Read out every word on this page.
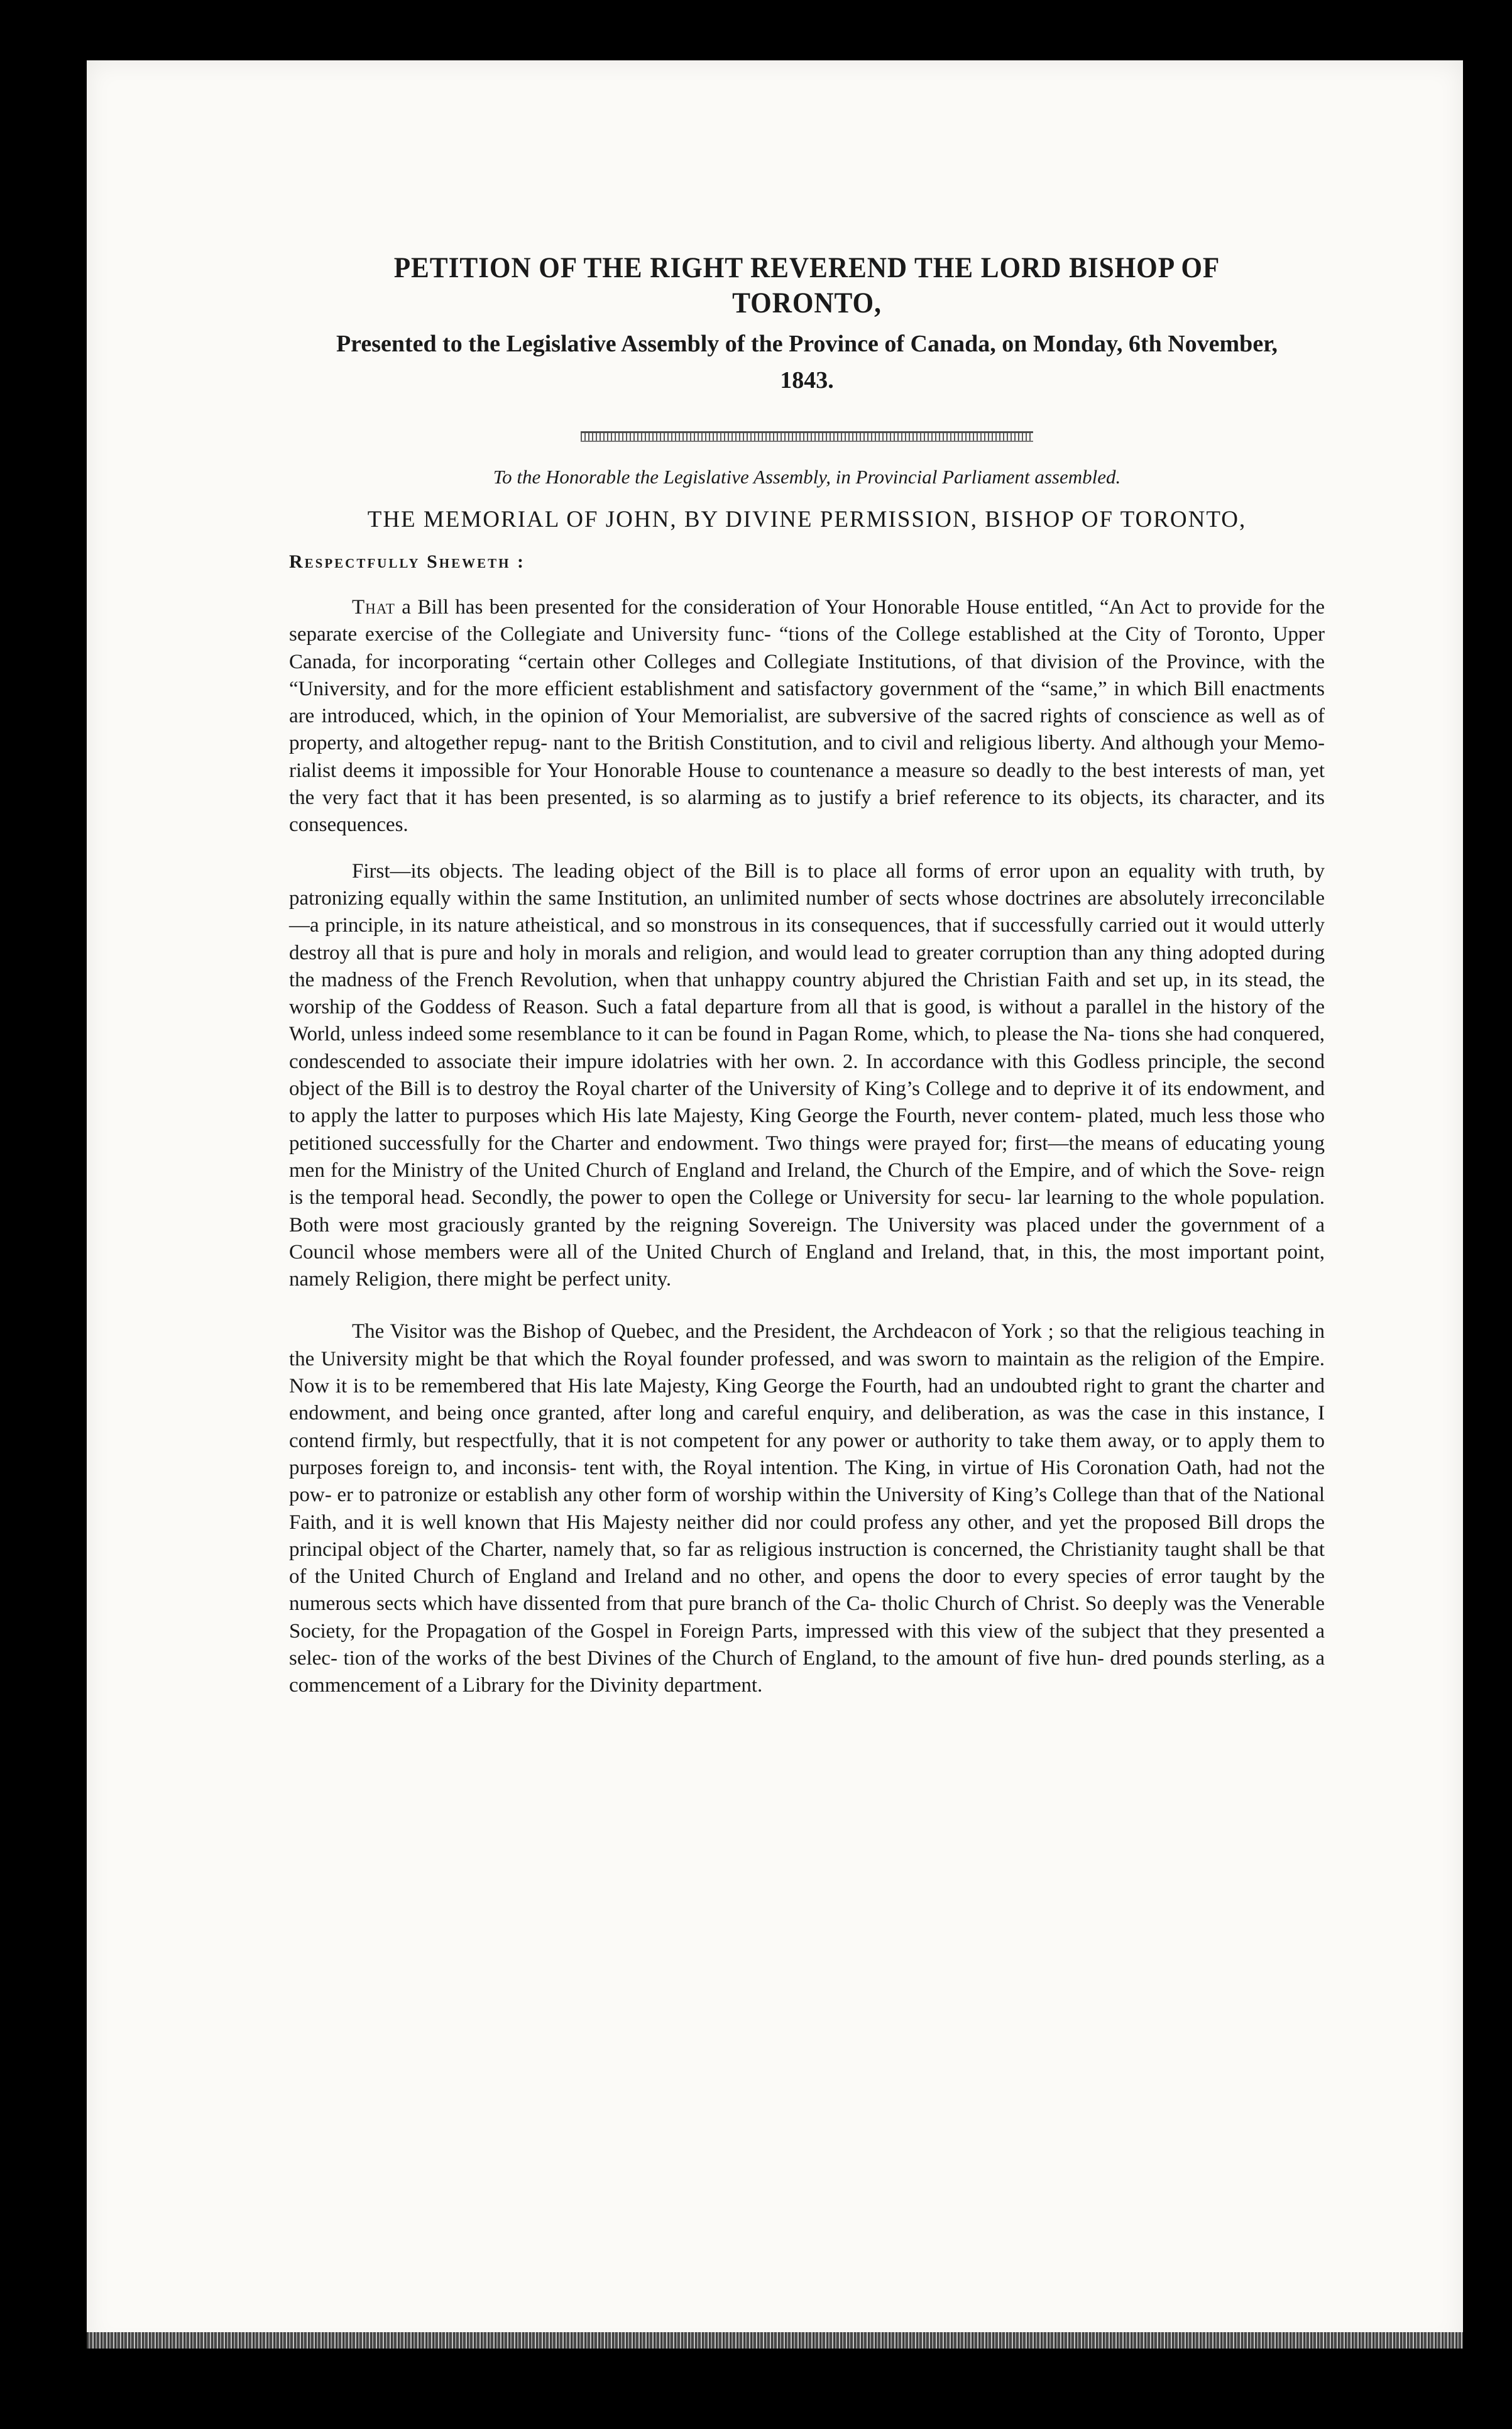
PETITION OF THE RIGHT REVEREND THE LORD BISHOP OF TORONTO,

Presented to the Legislative Assembly of the Province of Canada, on Monday, 6th November, 1843.

To the Honorable the Legislative Assembly, in Provincial Parliament assembled.

THE MEMORIAL OF JOHN, BY DIVINE PERMISSION, BISHOP OF TORONTO,

Respectfully Sheweth :

That a Bill has been presented for the consideration of Your Honorable House entitled, “An Act to provide for the separate exercise of the Collegiate and University func- “tions of the College established at the City of Toronto, Upper Canada, for incorporating “certain other Colleges and Collegiate Institutions, of that division of the Province, with the “University, and for the more efficient establishment and satisfactory government of the “same,” in which Bill enactments are introduced, which, in the opinion of Your Memorialist, are subversive of the sacred rights of conscience as well as of property, and altogether repug- nant to the British Constitution, and to civil and religious liberty. And although your Memo- rialist deems it impossible for Your Honorable House to countenance a measure so deadly to the best interests of man, yet the very fact that it has been presented, is so alarming as to justify a brief reference to its objects, its character, and its consequences.

First—its objects. The leading object of the Bill is to place all forms of error upon an equality with truth, by patronizing equally within the same Institution, an unlimited number of sects whose doctrines are absolutely irreconcilable—a principle, in its nature atheistical, and so monstrous in its consequences, that if successfully carried out it would utterly destroy all that is pure and holy in morals and religion, and would lead to greater corruption than any thing adopted during the madness of the French Revolution, when that unhappy country abjured the Christian Faith and set up, in its stead, the worship of the Goddess of Reason. Such a fatal departure from all that is good, is without a parallel in the history of the World, unless indeed some resemblance to it can be found in Pagan Rome, which, to please the Na- tions she had conquered, condescended to associate their impure idolatries with her own. 2. In accordance with this Godless principle, the second object of the Bill is to destroy the Royal charter of the University of King’s College and to deprive it of its endowment, and to apply the latter to purposes which His late Majesty, King George the Fourth, never contem- plated, much less those who petitioned successfully for the Charter and endowment. Two things were prayed for; first—the means of educating young men for the Ministry of the United Church of England and Ireland, the Church of the Empire, and of which the Sove- reign is the temporal head. Secondly, the power to open the College or University for secu- lar learning to the whole population. Both were most graciously granted by the reigning Sovereign. The University was placed under the government of a Council whose members were all of the United Church of England and Ireland, that, in this, the most important point, namely Religion, there might be perfect unity.

The Visitor was the Bishop of Quebec, and the President, the Archdeacon of York ; so that the religious teaching in the University might be that which the Royal founder professed, and was sworn to maintain as the religion of the Empire. Now it is to be remembered that His late Majesty, King George the Fourth, had an undoubted right to grant the charter and endowment, and being once granted, after long and careful enquiry, and deliberation, as was the case in this instance, I contend firmly, but respectfully, that it is not competent for any power or authority to take them away, or to apply them to purposes foreign to, and inconsis- tent with, the Royal intention. The King, in virtue of His Coronation Oath, had not the pow- er to patronize or establish any other form of worship within the University of King’s College than that of the National Faith, and it is well known that His Majesty neither did nor could profess any other, and yet the proposed Bill drops the principal object of the Charter, namely that, so far as religious instruction is concerned, the Christianity taught shall be that of the United Church of England and Ireland and no other, and opens the door to every species of error taught by the numerous sects which have dissented from that pure branch of the Ca- tholic Church of Christ. So deeply was the Venerable Society, for the Propagation of the Gospel in Foreign Parts, impressed with this view of the subject that they presented a selec- tion of the works of the best Divines of the Church of England, to the amount of five hun- dred pounds sterling, as a commencement of a Library for the Divinity department.
